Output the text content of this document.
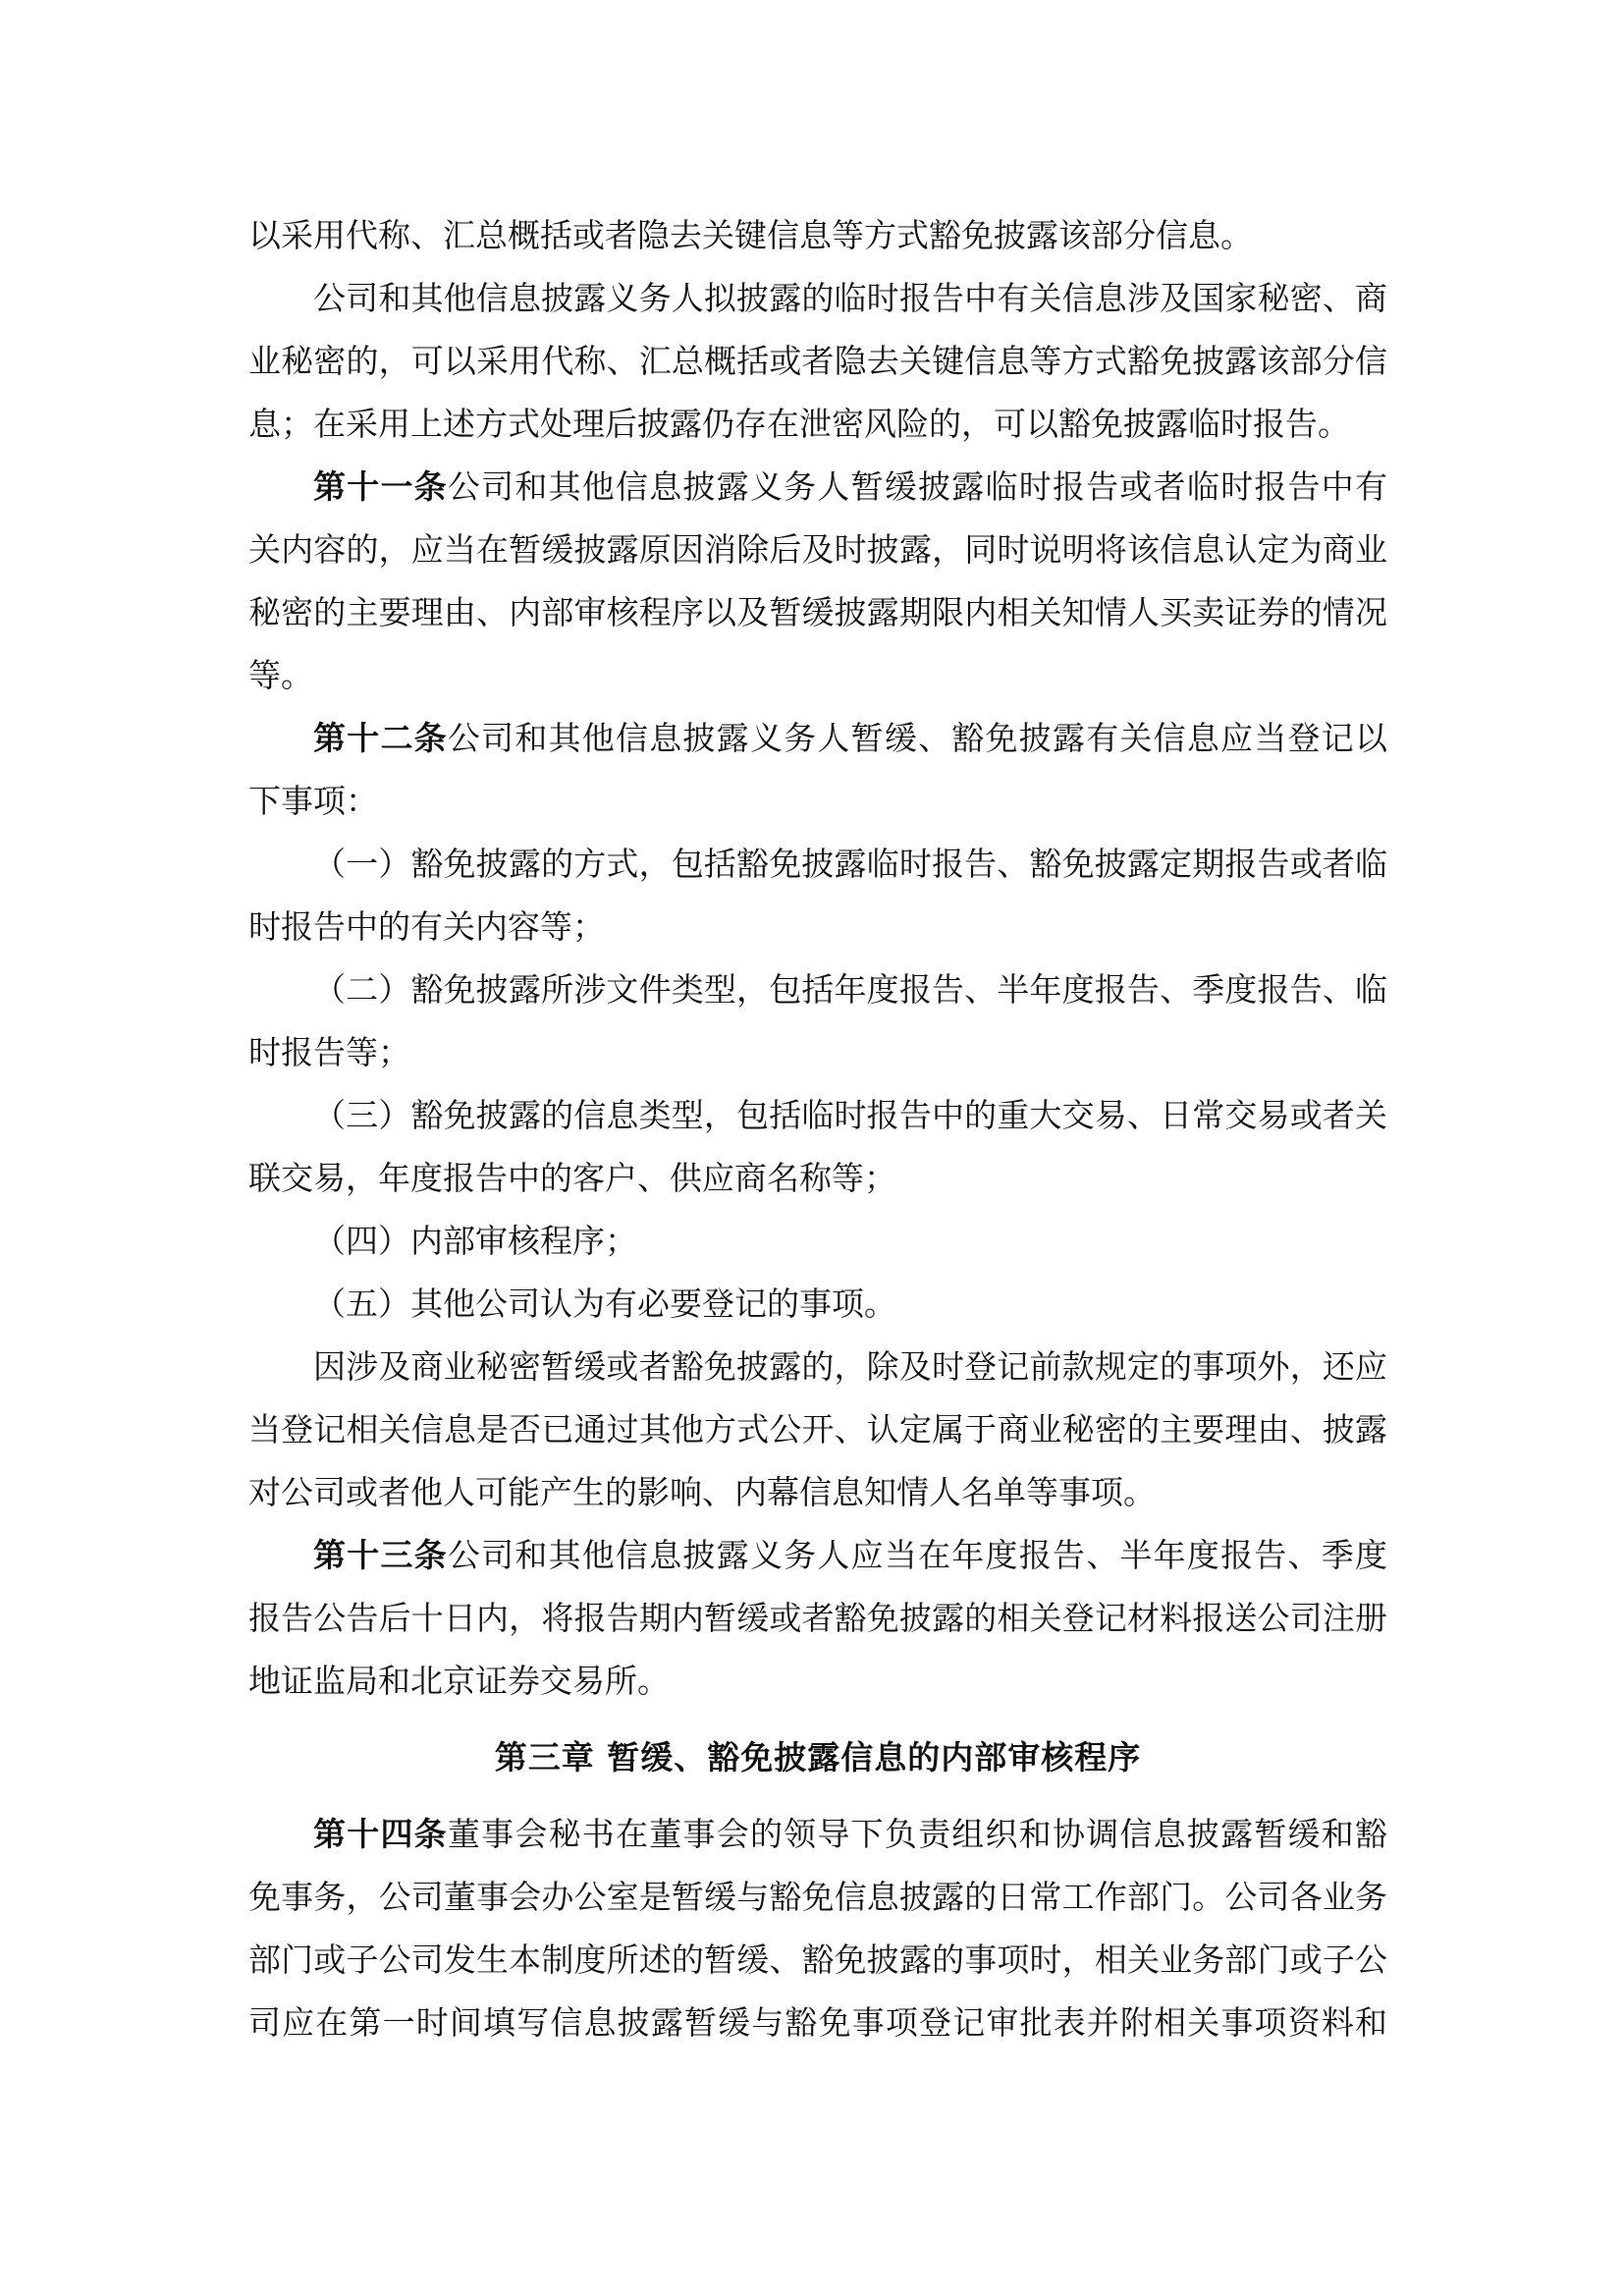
以采用代称、汇总概括或者隐去关键信息等方式豁免披露该部分信息。
公司和其他信息披露义务人拟披露的临时报告中有关信息涉及国家秘密、商
业秘密的，可以采用代称、汇总概括或者隐去关键信息等方式豁免披露该部分信
息；在采用上述方式处理后披露仍存在泄密风险的，可以豁免披露临时报告。
第十一条公司和其他信息披露义务人暂缓披露临时报告或者临时报告中有
关内容的，应当在暂缓披露原因消除后及时披露，同时说明将该信息认定为商业
秘密的主要理由、内部审核程序以及暂缓披露期限内相关知情人买卖证券的情况
等。
第十二条公司和其他信息披露义务人暂缓、豁免披露有关信息应当登记以
下事项：
（一）豁免披露的方式，包括豁免披露临时报告、豁免披露定期报告或者临
时报告中的有关内容等；
（二）豁免披露所涉文件类型，包括年度报告、半年度报告、季度报告、临
时报告等；
（三）豁免披露的信息类型，包括临时报告中的重大交易、日常交易或者关
联交易，年度报告中的客户、供应商名称等；
（四）内部审核程序；
（五）其他公司认为有必要登记的事项。
因涉及商业秘密暂缓或者豁免披露的，除及时登记前款规定的事项外，还应
当登记相关信息是否已通过其他方式公开、认定属于商业秘密的主要理由、披露
对公司或者他人可能产生的影响、内幕信息知情人名单等事项。
第十三条公司和其他信息披露义务人应当在年度报告、半年度报告、季度
报告公告后十日内，将报告期内暂缓或者豁免披露的相关登记材料报送公司注册
地证监局和北京证券交易所。
第三章 暂缓、豁免披露信息的内部审核程序
第十四条董事会秘书在董事会的领导下负责组织和协调信息披露暂缓和豁
免事务，公司董事会办公室是暂缓与豁免信息披露的日常工作部门。公司各业务
部门或子公司发生本制度所述的暂缓、豁免披露的事项时，相关业务部门或子公
司应在第一时间填写信息披露暂缓与豁免事项登记审批表并附相关事项资料和
